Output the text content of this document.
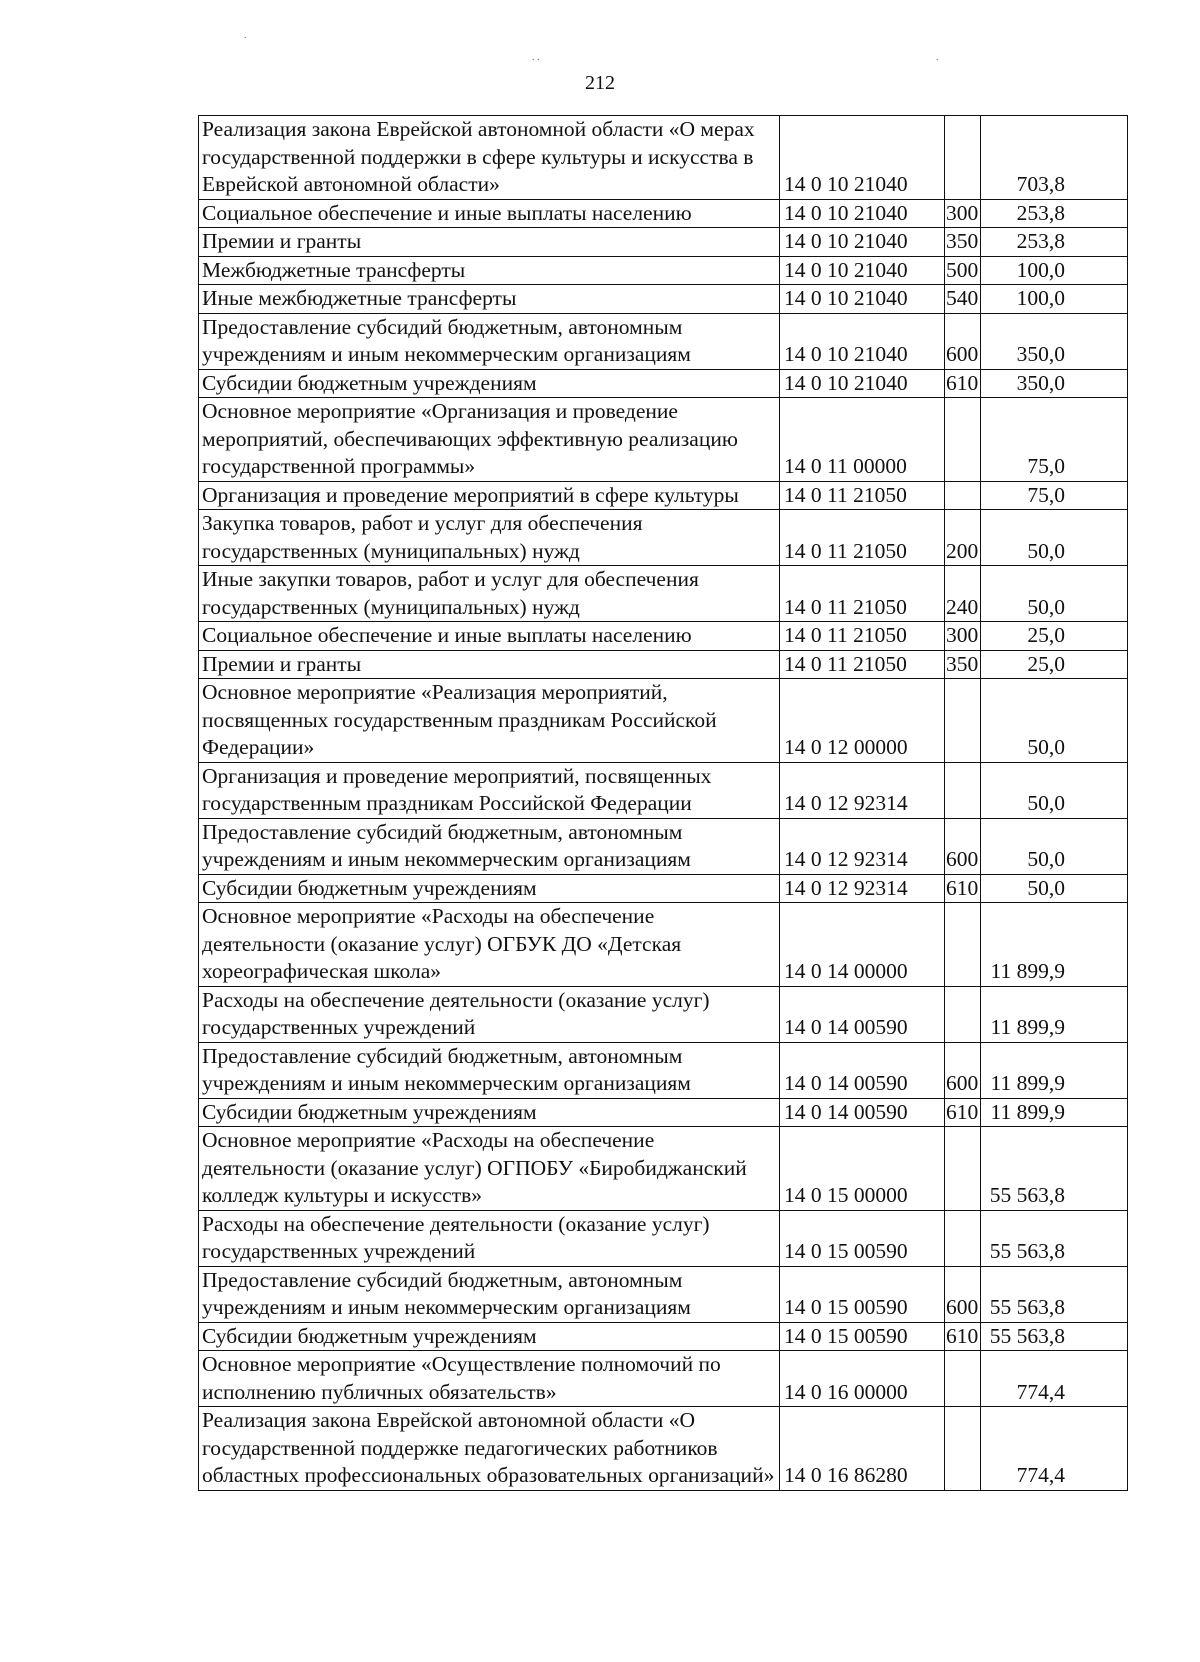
.
. .	.
212
Реализация закона Еврейской автономной области «О мерах государственной поддержки в сфере культуры и искусства в Еврейской автономной области»	14 0 10 21040		703,8
Социальное обеспечение и иные выплаты населению	14 0 10 21040	300	253,8
Премии и гранты	14 0 10 21040	350	253,8
Межбюджетные трансферты	14 0 10 21040	500	100,0
Иные межбюджетные трансферты	14 0 10 21040	540	100,0
Предоставление субсидий бюджетным, автономным учреждениям и иным некоммерческим организациям	14 0 10 21040	600	350,0
Субсидии бюджетным учреждениям	14 0 10 21040	610	350,0
Основное мероприятие «Организация и проведение мероприятий, обеспечивающих эффективную реализацию государственной программы»	14 0 11 00000		75,0
Организация и проведение мероприятий в сфере культуры	14 0 11 21050		75,0
Закупка товаров, работ и услуг для обеспечения государственных (муниципальных) нужд	14 0 11 21050	200	50,0
Иные закупки товаров, работ и услуг для обеспечения государственных (муниципальных) нужд	14 0 11 21050	240	50,0
Социальное обеспечение и иные выплаты населению	14 0 11 21050	300	25,0
Премии и гранты	14 0 11 21050	350	25,0
Основное мероприятие «Реализация мероприятий, посвященных государственным праздникам Российской Федерации»	14 0 12 00000		50,0
Организация и проведение мероприятий, посвященных государственным праздникам Российской Федерации	14 0 12 92314		50,0
Предоставление субсидий бюджетным, автономным учреждениям и иным некоммерческим организациям	14 0 12 92314	600	50,0
Субсидии бюджетным учреждениям	14 0 12 92314	610	50,0
Основное мероприятие «Расходы на обеспечение деятельности (оказание услуг) ОГБУК ДО «Детская хореографическая школа»	14 0 14 00000		11 899,9
Расходы на обеспечение деятельности (оказание услуг) государственных учреждений	14 0 14 00590		11 899,9
Предоставление субсидий бюджетным, автономным учреждениям и иным некоммерческим организациям	14 0 14 00590	600	11 899,9
Субсидии бюджетным учреждениям	14 0 14 00590	610	11 899,9
Основное мероприятие «Расходы на обеспечение деятельности (оказание услуг) ОГПОБУ «Биробиджанский колледж культуры и искусств»	14 0 15 00000		55 563,8
Расходы на обеспечение деятельности (оказание услуг) государственных учреждений	14 0 15 00590		55 563,8
Предоставление субсидий бюджетным, автономным учреждениям и иным некоммерческим организациям	14 0 15 00590	600	55 563,8
Субсидии бюджетным учреждениям	14 0 15 00590	610	55 563,8
Основное мероприятие «Осуществление полномочий по исполнению публичных обязательств»	14 0 16 00000		774,4
Реализация закона Еврейской автономной области «О государственной поддержке педагогических работников областных профессиональных образовательных организаций»	14 0 16 86280		774,4
